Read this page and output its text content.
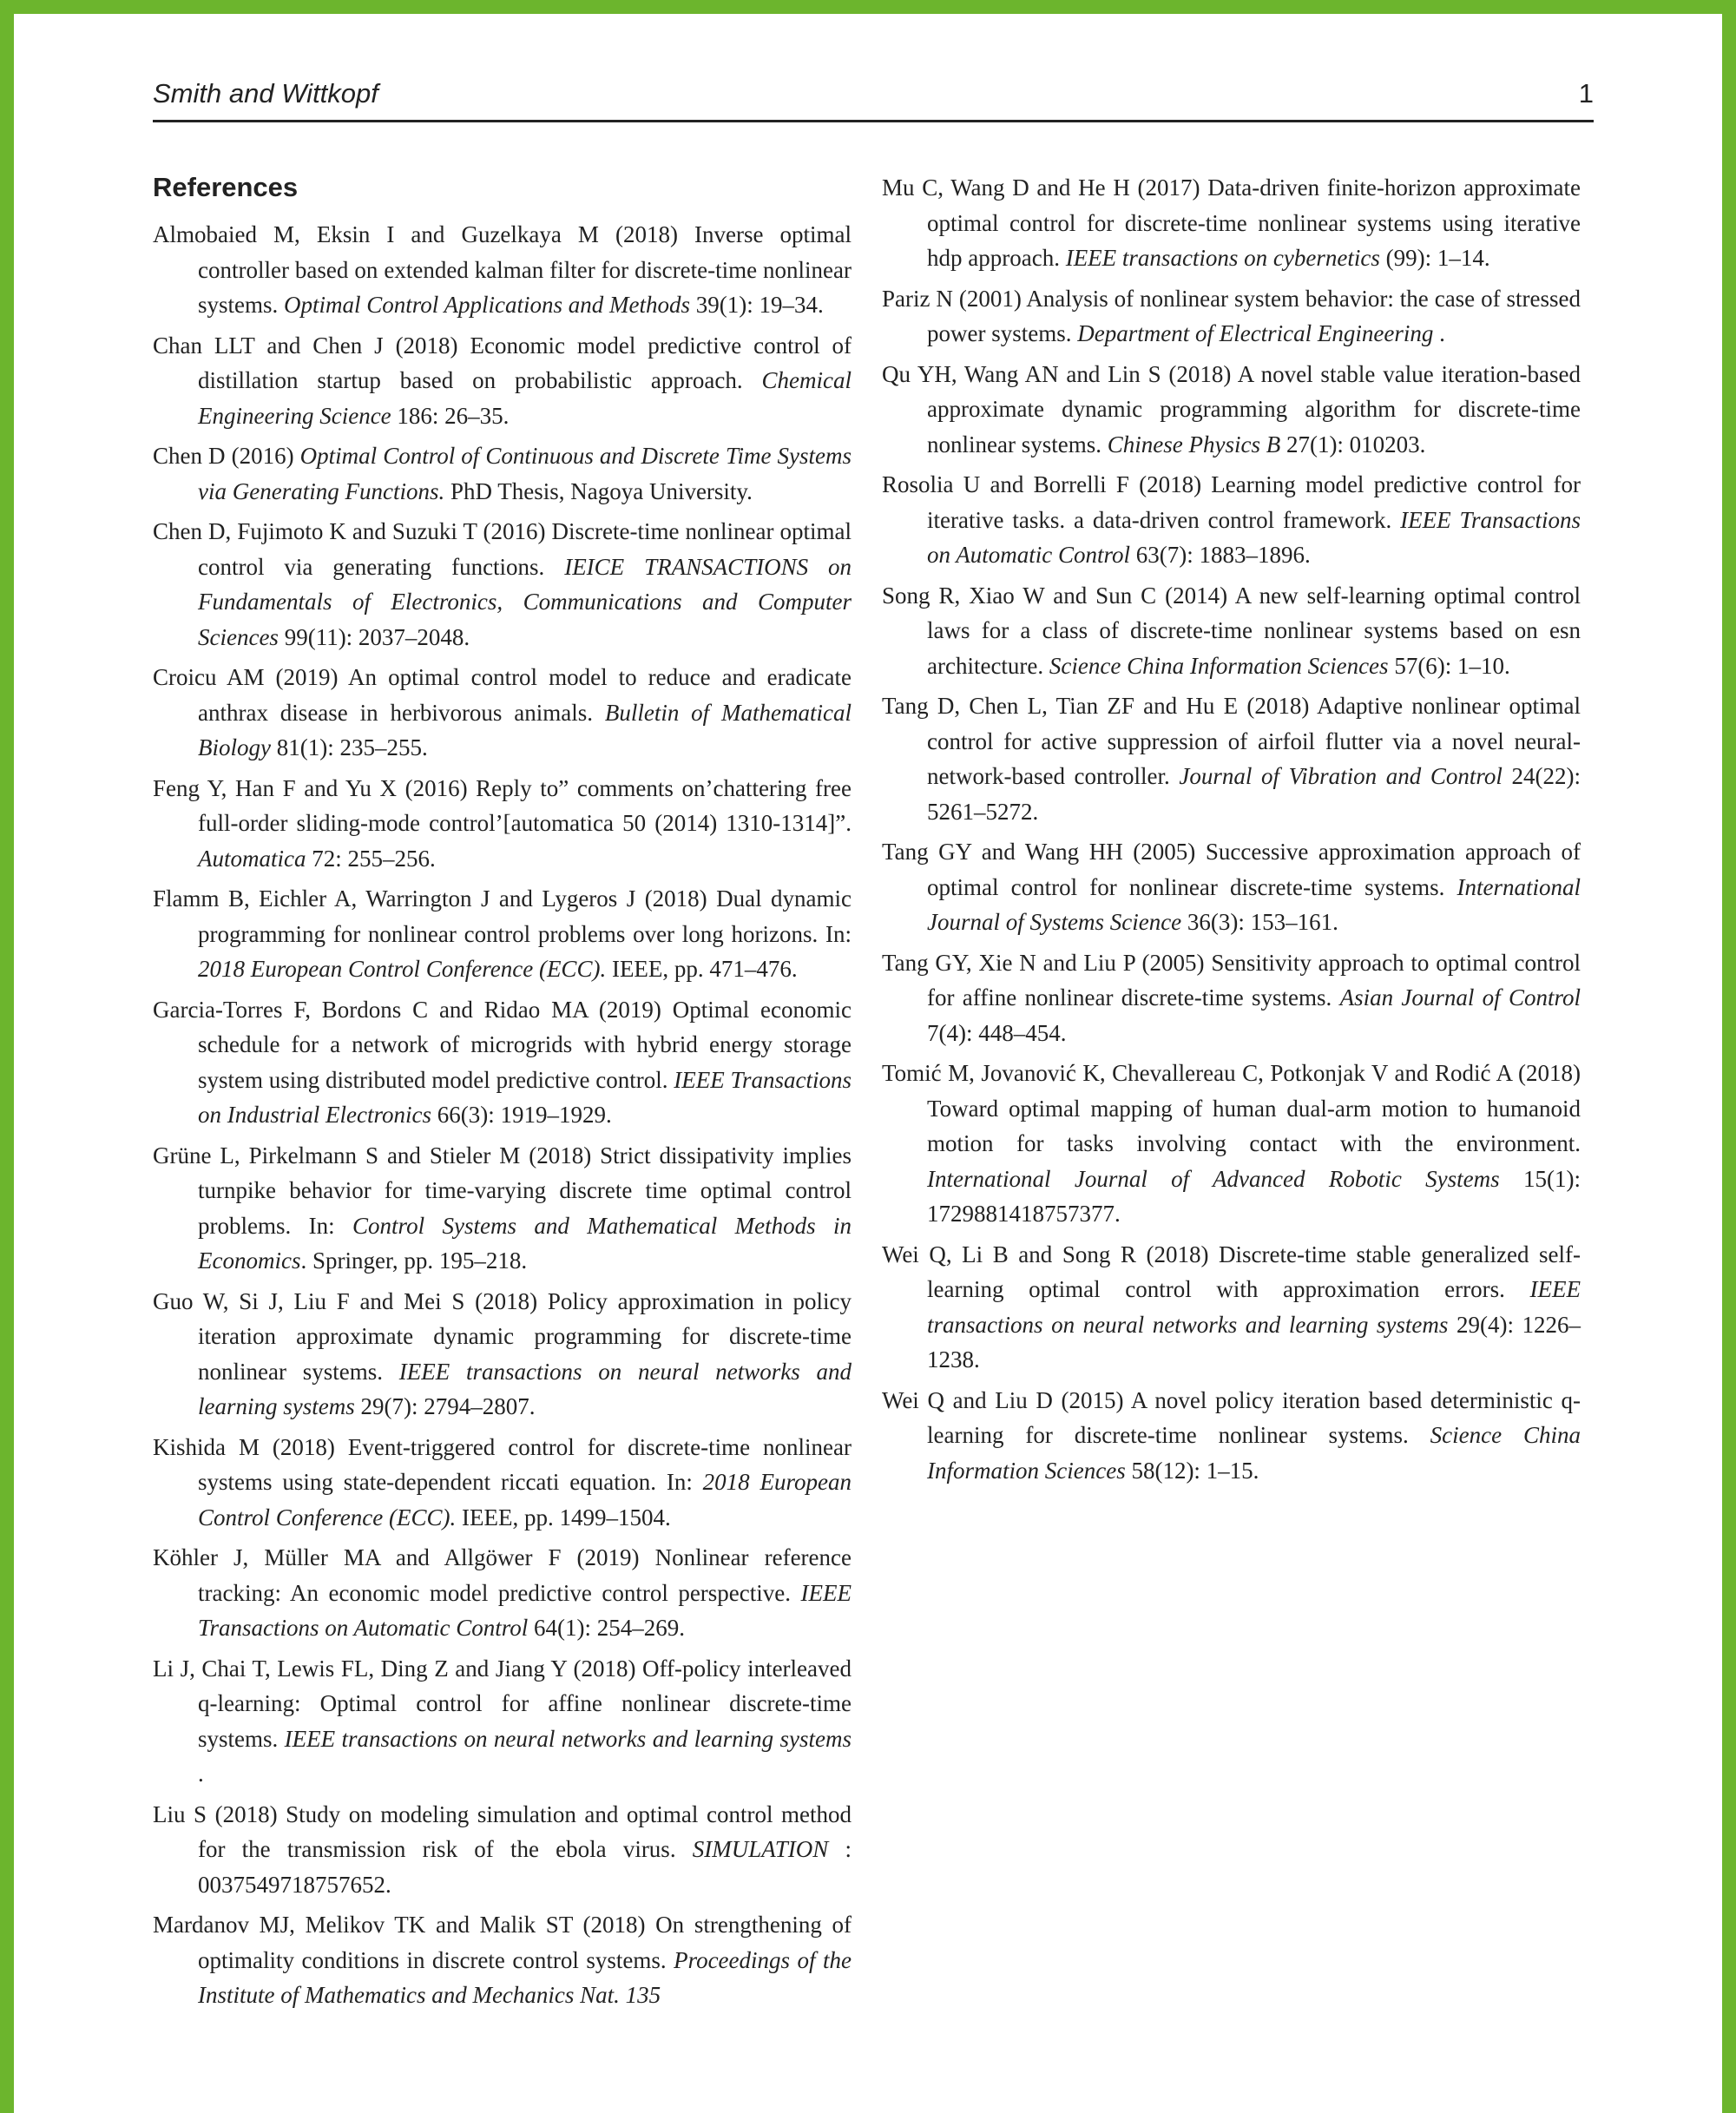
Smith and Wittkopf	1
References

Almobaied M, Eksin I and Guzelkaya M (2018) Inverse optimal controller based on extended kalman filter for discrete-time nonlinear systems. Optimal Control Applications and Methods 39(1): 19–34.

Chan LLT and Chen J (2018) Economic model predictive control of distillation startup based on probabilistic approach. Chemical Engineering Science 186: 26–35.

Chen D (2016) Optimal Control of Continuous and Discrete Time Systems via Generating Functions. PhD Thesis, Nagoya University.

Chen D, Fujimoto K and Suzuki T (2016) Discrete-time nonlinear optimal control via generating functions. IEICE TRANSACTIONS on Fundamentals of Electronics, Communications and Computer Sciences 99(11): 2037–2048.

Croicu AM (2019) An optimal control model to reduce and eradicate anthrax disease in herbivorous animals. Bulletin of Mathematical Biology 81(1): 235–255.

Feng Y, Han F and Yu X (2016) Reply to” comments on’chattering free full-order sliding-mode control’[automatica 50 (2014) 1310-1314]”. Automatica 72: 255–256.

Flamm B, Eichler A, Warrington J and Lygeros J (2018) Dual dynamic programming for nonlinear control problems over long horizons. In: 2018 European Control Conference (ECC). IEEE, pp. 471–476.

Garcia-Torres F, Bordons C and Ridao MA (2019) Optimal economic schedule for a network of microgrids with hybrid energy storage system using distributed model predictive control. IEEE Transactions on Industrial Electronics 66(3): 1919–1929.

Grüne L, Pirkelmann S and Stieler M (2018) Strict dissipativity implies turnpike behavior for time-varying discrete time optimal control problems. In: Control Systems and Mathematical Methods in Economics. Springer, pp. 195–218.

Guo W, Si J, Liu F and Mei S (2018) Policy approximation in policy iteration approximate dynamic programming for discrete-time nonlinear systems. IEEE transactions on neural networks and learning systems 29(7): 2794–2807.

Kishida M (2018) Event-triggered control for discrete-time nonlinear systems using state-dependent riccati equation. In: 2018 European Control Conference (ECC). IEEE, pp. 1499–1504.

Köhler J, Müller MA and Allgöwer F (2019) Nonlinear reference tracking: An economic model predictive control perspective. IEEE Transactions on Automatic Control 64(1): 254–269.

Li J, Chai T, Lewis FL, Ding Z and Jiang Y (2018) Off-policy interleaved q-learning: Optimal control for affine nonlinear discrete-time systems. IEEE transactions on neural networks and learning systems .

Liu S (2018) Study on modeling simulation and optimal control method for the transmission risk of the ebola virus. SIMULATION : 0037549718757652.

Mardanov MJ, Melikov TK and Malik ST (2018) On strengthening of optimality conditions in discrete control systems. Proceedings of the Institute of Mathematics and Mechanics Nat. 135

Mu C, Wang D and He H (2017) Data-driven finite-horizon approximate optimal control for discrete-time nonlinear systems using iterative hdp approach. IEEE transactions on cybernetics (99): 1–14.

Pariz N (2001) Analysis of nonlinear system behavior: the case of stressed power systems. Department of Electrical Engineering .

Qu YH, Wang AN and Lin S (2018) A novel stable value iteration-based approximate dynamic programming algorithm for discrete-time nonlinear systems. Chinese Physics B 27(1): 010203.

Rosolia U and Borrelli F (2018) Learning model predictive control for iterative tasks. a data-driven control framework. IEEE Transactions on Automatic Control 63(7): 1883–1896.

Song R, Xiao W and Sun C (2014) A new self-learning optimal control laws for a class of discrete-time nonlinear systems based on esn architecture. Science China Information Sciences 57(6): 1–10.

Tang D, Chen L, Tian ZF and Hu E (2018) Adaptive nonlinear optimal control for active suppression of airfoil flutter via a novel neural-network-based controller. Journal of Vibration and Control 24(22): 5261–5272.

Tang GY and Wang HH (2005) Successive approximation approach of optimal control for nonlinear discrete-time systems. International Journal of Systems Science 36(3): 153–161.

Tang GY, Xie N and Liu P (2005) Sensitivity approach to optimal control for affine nonlinear discrete-time systems. Asian Journal of Control 7(4): 448–454.

Tomić M, Jovanović K, Chevallereau C, Potkonjak V and Rodić A (2018) Toward optimal mapping of human dual-arm motion to humanoid motion for tasks involving contact with the environment. International Journal of Advanced Robotic Systems 15(1): 1729881418757377.

Wei Q, Li B and Song R (2018) Discrete-time stable generalized self-learning optimal control with approximation errors. IEEE transactions on neural networks and learning systems 29(4): 1226–1238.

Wei Q and Liu D (2015) A novel policy iteration based deterministic q-learning for discrete-time nonlinear systems. Science China Information Sciences 58(12): 1–15.
